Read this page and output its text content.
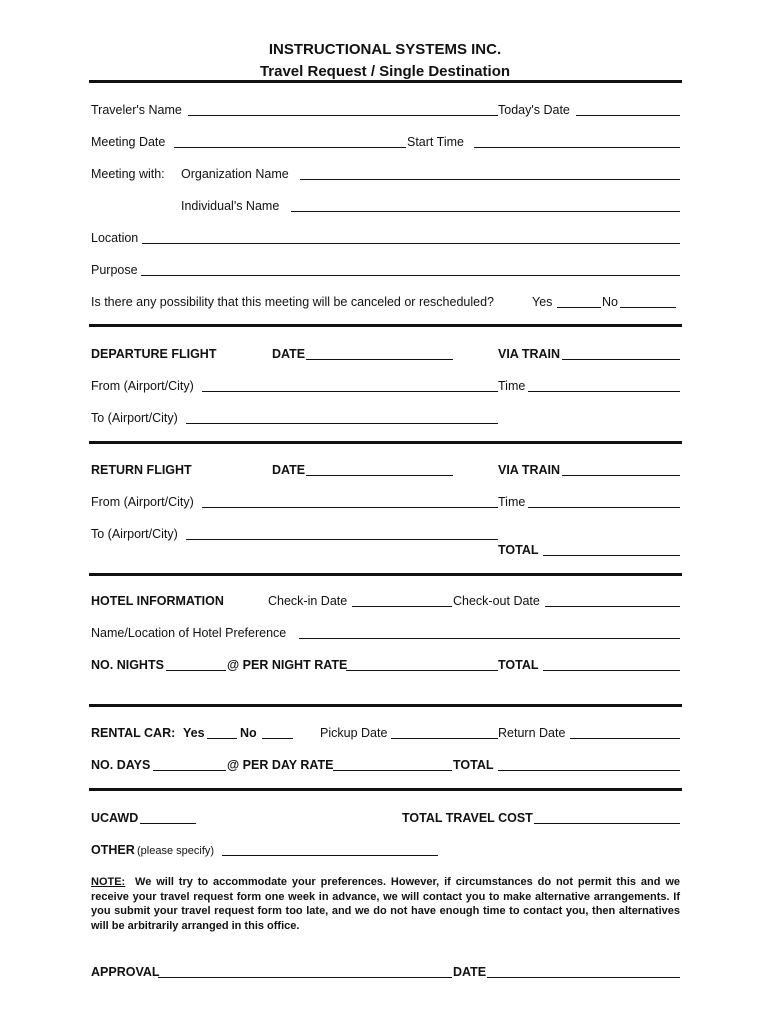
INSTRUCTIONAL SYSTEMS INC.
Travel Request / Single Destination
Traveler's Name	Today's Date
Meeting Date	Start Time
Meeting with: Organization Name
Individual's Name
Location
Purpose
Is there any possibility that this meeting will be canceled or rescheduled?	Yes	No
DEPARTURE FLIGHT	DATE	VIA TRAIN
From (Airport/City)	Time
To (Airport/City)
RETURN FLIGHT	DATE	VIA TRAIN
From (Airport/City)	Time
To (Airport/City)
TOTAL
HOTEL INFORMATION	Check-in Date	Check-out Date
Name/Location of Hotel Preference
NO. NIGHTS	@ PER NIGHT RATE	TOTAL
RENTAL CAR: Yes	No	Pickup Date	Return Date
NO. DAYS	@ PER DAY RATE	TOTAL
UCAWD	TOTAL TRAVEL COST
OTHER (please specify)
NOTE: We will try to accommodate your preferences. However, if circumstances do not permit this and we receive your travel request form one week in advance, we will contact you to make alternative arrangements. If you submit your travel request form too late, and we do not have enough time to contact you, then alternatives will be arbitrarily arranged in this office.
APPROVAL	DATE
